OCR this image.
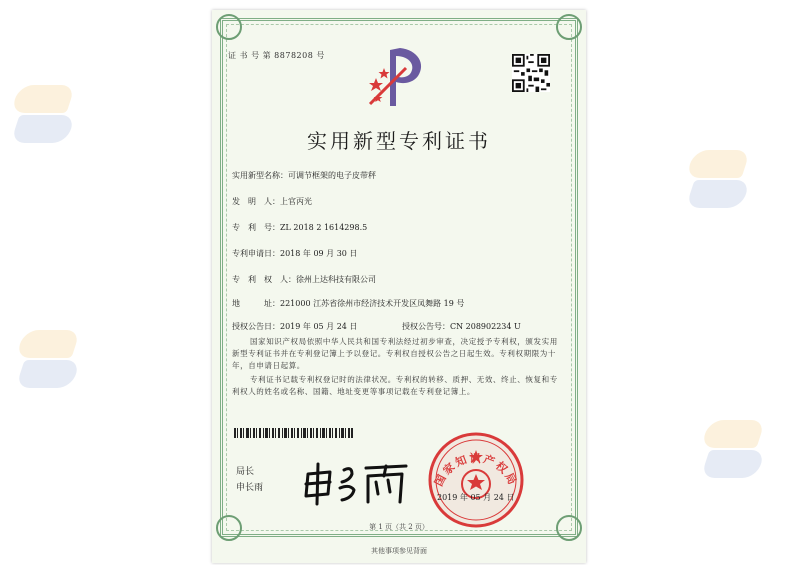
证 书 号 第 8878208 号
实用新型专利证书
实用新型名称：可调节框架的电子皮带秤
发　明　人：上官丙光
专　利　号：ZL 2018 2 1614298.5
专利申请日：2018 年 09 月 30 日
专　利　权　人：徐州上达科技有限公司
地　　　址：221000 江苏省徐州市经济技术开发区凤舞路 19 号
授权公告日：2019 年 05 月 24 日	授权公告号：CN 208902234 U
国家知识产权局依照中华人民共和国专利法经过初步审查，决定授予专利权，颁发实用新型专利证书并在专利登记簿上予以登记。专利权自授权公告之日起生效。专利权期限为十年，自申请日起算。
专利证书记载专利权登记时的法律状况。专利权的转移、质押、无效、终止、恢复和专利权人的姓名或名称、国籍、地址变更等事项记载在专利登记簿上。
局长
申长雨	国家知识产权局
2019 年 05 月 24 日
第 1 页（共 2 页）
其他事项参见背面
